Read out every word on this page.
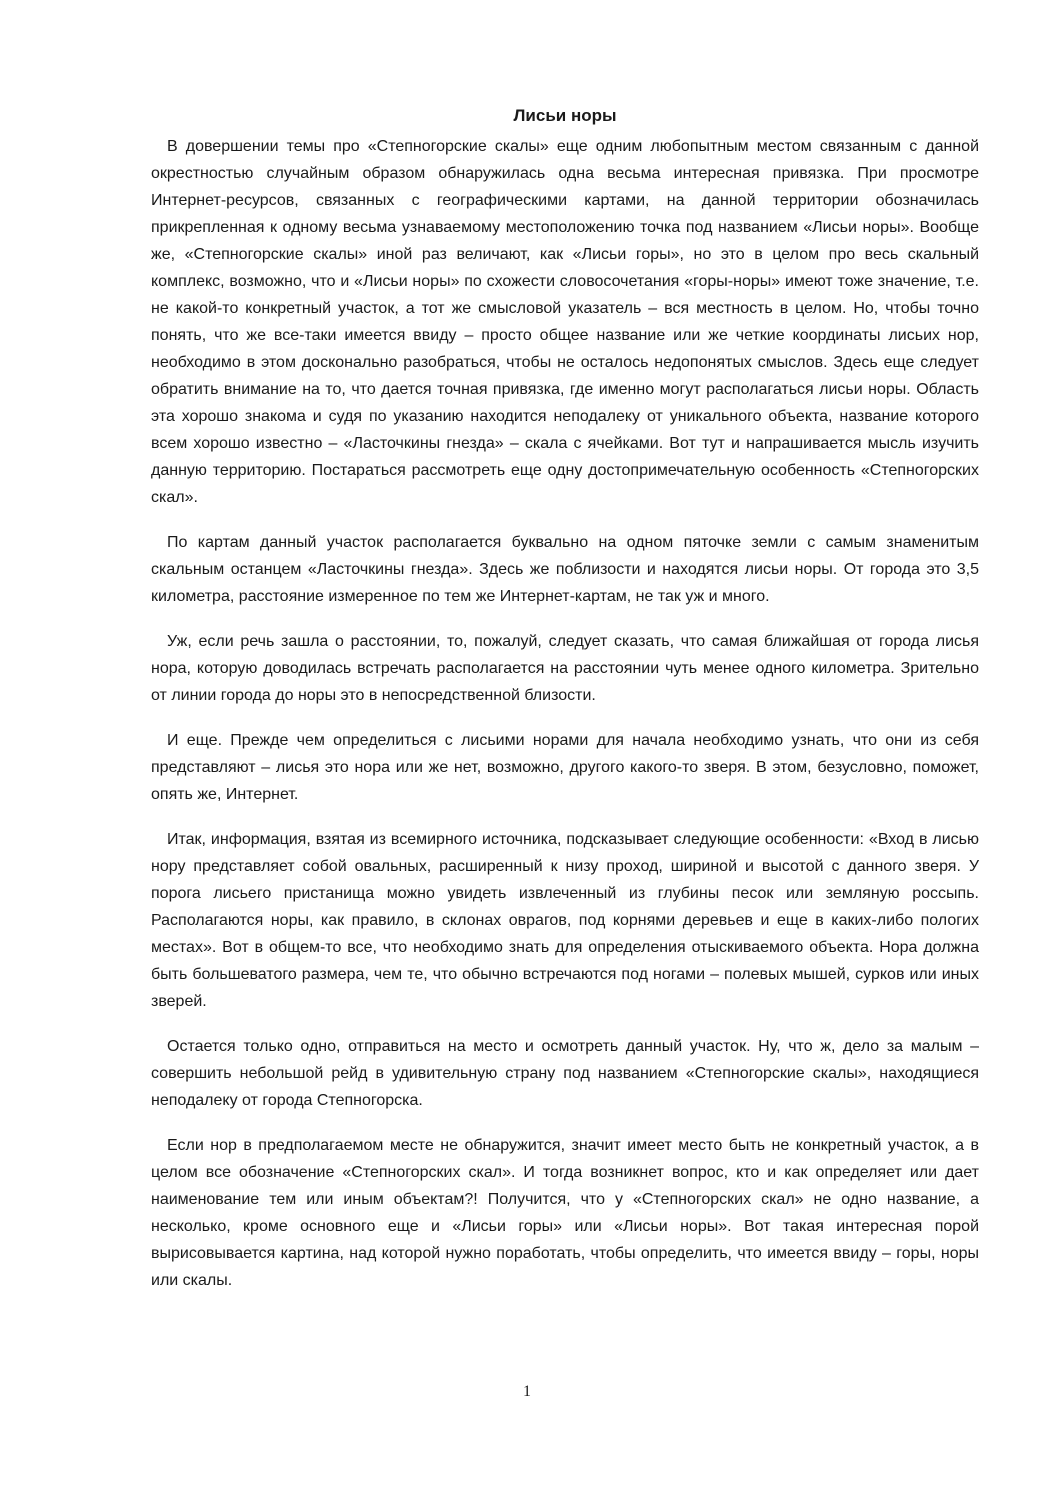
Лисьи норы

В довершении темы про «Степногорские скалы» еще одним любопытным местом связанным с данной окрестностью случайным образом обнаружилась одна весьма интересная привязка. При просмотре Интернет-ресурсов, связанных с географическими картами, на данной территории обозначилась прикрепленная к одному весьма узнаваемому местоположению точка под названием «Лисьи норы». Вообще же, «Степногорские скалы» иной раз величают, как «Лисьи горы», но это в целом про весь скальный комплекс, возможно, что и «Лисьи норы» по схожести словосочетания «горы-норы» имеют тоже значение, т.е. не какой-то конкретный участок, а тот же смысловой указатель – вся местность в целом. Но, чтобы точно понять, что же все-таки имеется ввиду – просто общее название или же четкие координаты лисьих нор, необходимо в этом досконально разобраться, чтобы не осталось недопонятых смыслов. Здесь еще следует обратить внимание на то, что дается точная привязка, где именно могут располагаться лисьи норы. Область эта хорошо знакома и судя по указанию находится неподалеку от уникального объекта, название которого всем хорошо известно – «Ласточкины гнезда» – скала с ячейками. Вот тут и напрашивается мысль изучить данную территорию. Постараться рассмотреть еще одну достопримечательную особенность «Степногорских скал».

По картам данный участок располагается буквально на одном пяточке земли с самым знаменитым скальным останцем «Ласточкины гнезда». Здесь же поблизости и находятся лисьи норы. От города это 3,5 километра, расстояние измеренное по тем же Интернет-картам, не так уж и много.

Уж, если речь зашла о расстоянии, то, пожалуй, следует сказать, что самая ближайшая от города лисья нора, которую доводилась встречать располагается на расстоянии чуть менее одного километра. Зрительно от линии города до норы это в непосредственной близости.

И еще. Прежде чем определиться с лисьими норами для начала необходимо узнать, что они из себя представляют – лисья это нора или же нет, возможно, другого какого-то зверя. В этом, безусловно, поможет, опять же, Интернет.

Итак, информация, взятая из всемирного источника, подсказывает следующие особенности: «Вход в лисью нору представляет собой овальных, расширенный к низу проход, шириной и высотой с данного зверя. У порога лисьего пристанища можно увидеть извлеченный из глубины песок или земляную россыпь. Располагаются норы, как правило, в склонах оврагов, под корнями деревьев и еще в каких-либо пологих местах». Вот в общем-то все, что необходимо знать для определения отыскиваемого объекта. Нора должна быть большеватого размера, чем те, что обычно встречаются под ногами – полевых мышей, сурков или иных зверей.

Остается только одно, отправиться на место и осмотреть данный участок. Ну, что ж, дело за малым – совершить небольшой рейд в удивительную страну под названием «Степногорские скалы», находящиеся неподалеку от города Степногорска.

Если нор в предполагаемом месте не обнаружится, значит имеет место быть не конкретный участок, а в целом все обозначение «Степногорских скал». И тогда возникнет вопрос, кто и как определяет или дает наименование тем или иным объектам?! Получится, что у «Степногорских скал» не одно название, а несколько, кроме основного еще и «Лисьи горы» или «Лисьи норы». Вот такая интересная порой вырисовывается картина, над которой нужно поработать, чтобы определить, что имеется ввиду – горы, норы или скалы.

1
